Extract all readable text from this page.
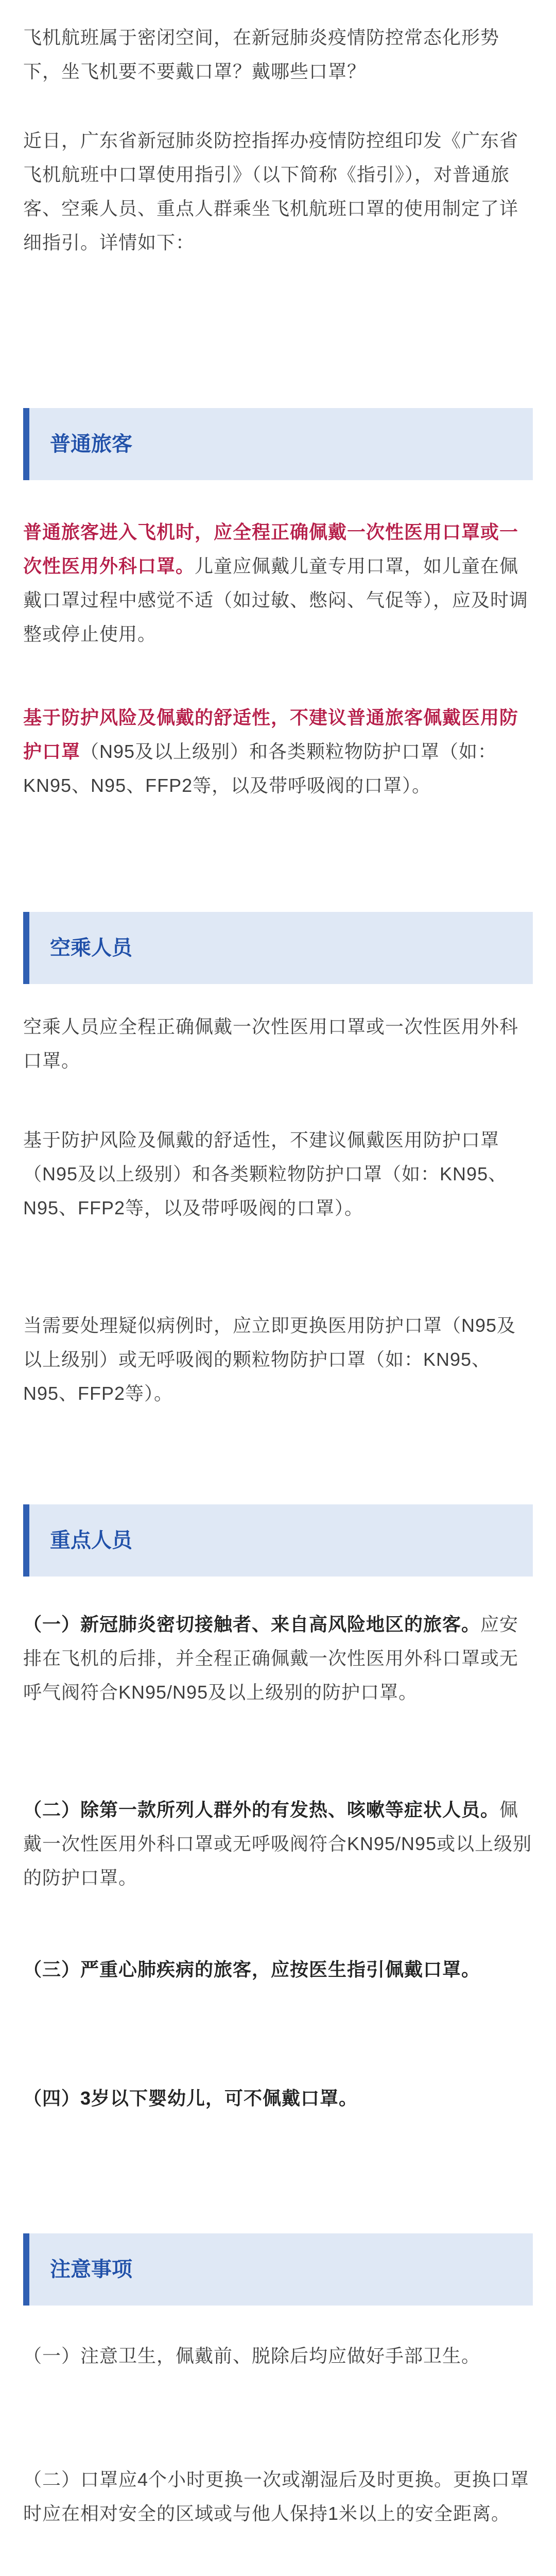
飞机航班属于密闭空间，在新冠肺炎疫情防控常态化形势下，坐飞机要不要戴口罩？戴哪些口罩？

近日，广东省新冠肺炎防控指挥办疫情防控组印发《广东省飞机航班中口罩使用指引》（以下简称《指引》），对普通旅客、空乘人员、重点人群乘坐飞机航班口罩的使用制定了详细指引。详情如下：

普通旅客

普通旅客进入飞机时，应全程正确佩戴一次性医用口罩或一次性医用外科口罩。儿童应佩戴儿童专用口罩，如儿童在佩戴口罩过程中感觉不适（如过敏、憋闷、气促等），应及时调整或停止使用。

基于防护风险及佩戴的舒适性，不建议普通旅客佩戴医用防护口罩（N95及以上级别）和各类颗粒物防护口罩（如：KN95、N95、FFP2等，以及带呼吸阀的口罩）。

空乘人员

空乘人员应全程正确佩戴一次性医用口罩或一次性医用外科口罩。

基于防护风险及佩戴的舒适性，不建议佩戴医用防护口罩（N95及以上级别）和各类颗粒物防护口罩（如：KN95、N95、FFP2等，以及带呼吸阀的口罩）。

当需要处理疑似病例时，应立即更换医用防护口罩（N95及以上级别）或无呼吸阀的颗粒物防护口罩（如：KN95、N95、FFP2等）。

重点人员

（一）新冠肺炎密切接触者、来自高风险地区的旅客。应安排在飞机的后排，并全程正确佩戴一次性医用外科口罩或无呼气阀符合KN95/N95及以上级别的防护口罩。

（二）除第一款所列人群外的有发热、咳嗽等症状人员。佩戴一次性医用外科口罩或无呼吸阀符合KN95/N95或以上级别的防护口罩。

（三）严重心肺疾病的旅客，应按医生指引佩戴口罩。

（四）3岁以下婴幼儿，可不佩戴口罩。

注意事项

（一）注意卫生，佩戴前、脱除后均应做好手部卫生。

（二）口罩应4个小时更换一次或潮湿后及时更换。更换口罩时应在相对安全的区域或与他人保持1米以上的安全距离。
